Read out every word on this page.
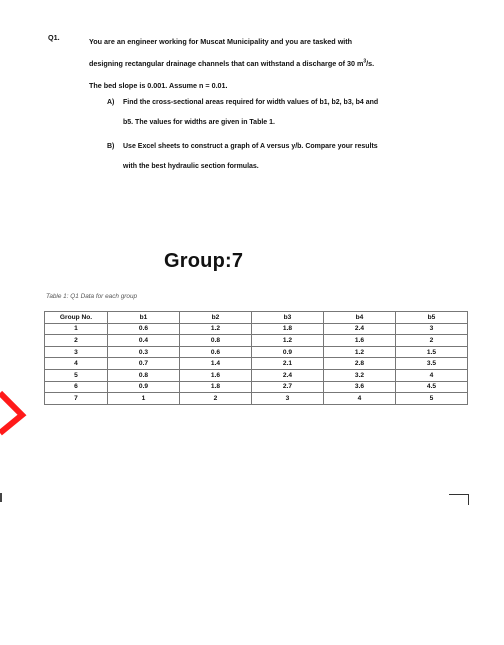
Q1.	You are an engineer working for Muscat Municipality and you are tasked with
designing rectangular drainage channels that can withstand a discharge of 30 $m^3/s$.
The bed slope is 0.001. Assume n = 0.01.
A) Find the cross-sectional areas required for width values of b1, b2, b3, b4 and
b5. The values for widths are given in Table 1.
B) Use Excel sheets to construct a graph of A versus y/b. Compare your results
with the best hydraulic section formulas.
Group:7
Table 1: Q1 Data for each group
Group No.	b1	b2	b3	b4	b5
1	0.6	1.2	1.8	2.4	3
2	0.4	0.8	1.2	1.6	2
3	0.3	0.6	0.9	1.2	1.5
4	0.7	1.4	2.1	2.8	3.5
5	0.8	1.6	2.4	3.2	4
6	0.9	1.8	2.7	3.6	4.5
7	1	2	3	4	5
